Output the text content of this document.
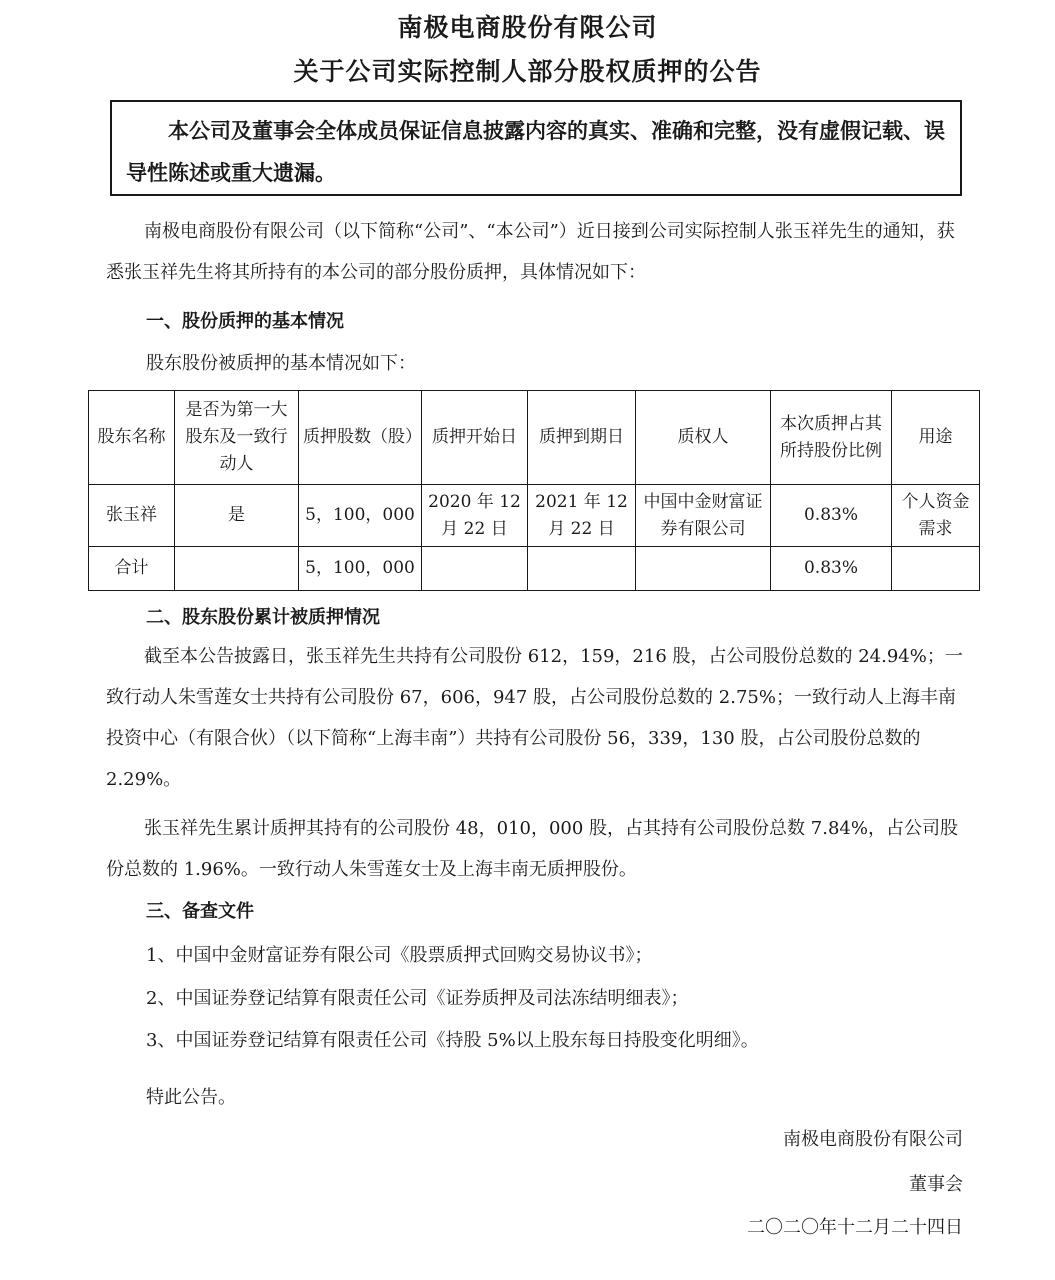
南极电商股份有限公司
关于公司实际控制人部分股权质押的公告
本公司及董事会全体成员保证信息披露内容的真实、准确和完整，没有虚假记载、误导性陈述或重大遗漏。
南极电商股份有限公司（以下简称“公司”、“本公司”）近日接到公司实际控制人张玉祥先生的通知，获悉张玉祥先生将其所持有的本公司的部分股份质押，具体情况如下：
一、股份质押的基本情况
股东股份被质押的基本情况如下：
股东名称	是否为第一大股东及一致行动人	质押股数（股）	质押开始日	质押到期日	质权人	本次质押占其所持股份比例	用途
张玉祥	是	5，100，000	2020 年 12 月 22 日	2021 年 12 月 22 日	中国中金财富证券有限公司	0.83%	个人资金需求
合计		5，100，000				0.83%	
二、股东股份累计被质押情况
截至本公告披露日，张玉祥先生共持有公司股份 612，159，216 股，占公司股份总数的 24.94%；一致行动人朱雪莲女士共持有公司股份 67，606，947 股，占公司股份总数的 2.75%；一致行动人上海丰南投资中心（有限合伙）（以下简称“上海丰南”）共持有公司股份 56，339，130 股，占公司股份总数的 2.29%。
张玉祥先生累计质押其持有的公司股份 48，010，000 股，占其持有公司股份总数 7.84%，占公司股份总数的 1.96%。一致行动人朱雪莲女士及上海丰南无质押股份。
三、备查文件
1、中国中金财富证券有限公司《股票质押式回购交易协议书》；
2、中国证券登记结算有限责任公司《证券质押及司法冻结明细表》；
3、中国证券登记结算有限责任公司《持股 5%以上股东每日持股变化明细》。
特此公告。
南极电商股份有限公司
董事会
二〇二〇年十二月二十四日
